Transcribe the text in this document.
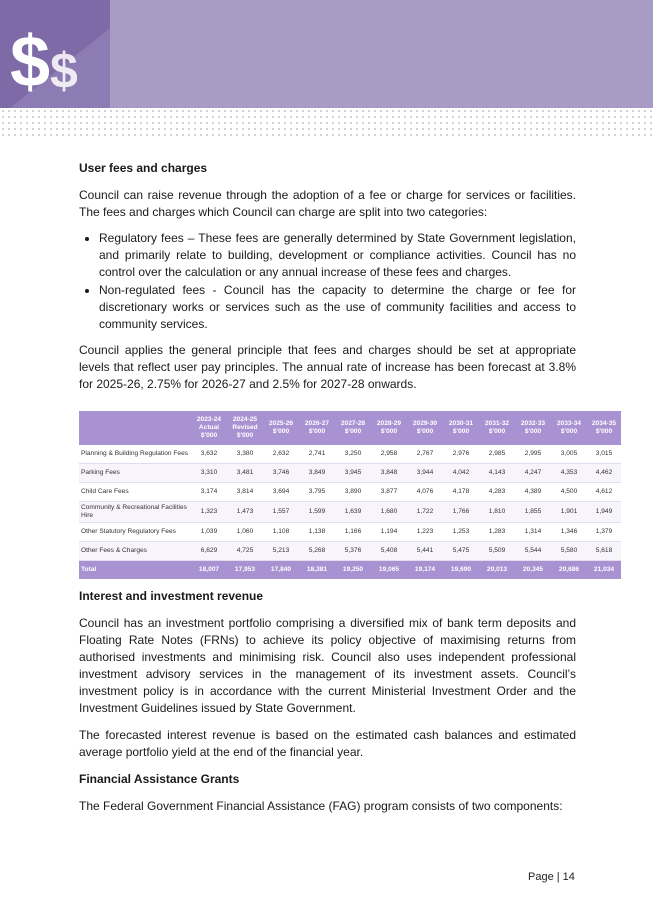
$ $
User fees and charges

Council can raise revenue through the adoption of a fee or charge for services or facilities. The fees and charges which Council can charge are split into two categories:

• Regulatory fees – These fees are generally determined by State Government legislation, and primarily relate to building, development or compliance activities. Council has no control over the calculation or any annual increase of these fees and charges.
• Non-regulated fees - Council has the capacity to determine the charge or fee for discretionary works or services such as the use of community facilities and access to community services.

Council applies the general principle that fees and charges should be set at appropriate levels that reflect user pay principles. The annual rate of increase has been forecast at 3.8% for 2025-26, 2.75% for 2026-27 and 2.5% for 2027-28 onwards.

	2023-24 Actual $'000	2024-25 Revised $'000	2025-26 $'000	2026-27 $'000	2027-28 $'000	2028-29 $'000	2029-30 $'000	2030-31 $'000	2031-32 $'000	2032-33 $'000	2033-34 $'000	2034-35 $'000
Planning & Building Regulation Fees	3,632	3,380	2,632	2,741	3,250	2,958	2,767	2,976	2,985	2,995	3,005	3,015
Parking Fees	3,310	3,481	3,746	3,849	3,945	3,848	3,944	4,042	4,143	4,247	4,353	4,462
Child Care Fees	3,174	3,814	3,694	3,795	3,890	3,877	4,076	4,178	4,283	4,389	4,500	4,612
Community & Recreational Facilities Hire	1,323	1,473	1,557	1,599	1,639	1,680	1,722	1,766	1,810	1,855	1,901	1,949
Other Statutory Regulatory Fees	1,039	1,060	1,108	1,138	1,166	1,194	1,223	1,253	1,283	1,314	1,346	1,379
Other Fees & Charges	6,629	4,725	5,213	5,268	5,376	5,408	5,441	5,475	5,509	5,544	5,580	5,618
Total	18,007	17,953	17,840	18,381	19,250	19,065	19,174	19,690	20,013	20,345	20,686	21,034
Interest and investment revenue

Council has an investment portfolio comprising a diversified mix of bank term deposits and Floating Rate Notes (FRNs) to achieve its policy objective of maximising returns from authorised investments and minimising risk. Council also uses independent professional investment advisory services in the management of its investment assets. Council’s investment policy is in accordance with the current Ministerial Investment Order and the Investment Guidelines issued by State Government.

The forecasted interest revenue is based on the estimated cash balances and estimated average portfolio yield at the end of the financial year.

Financial Assistance Grants

The Federal Government Financial Assistance (FAG) program consists of two components:

Page | 14
